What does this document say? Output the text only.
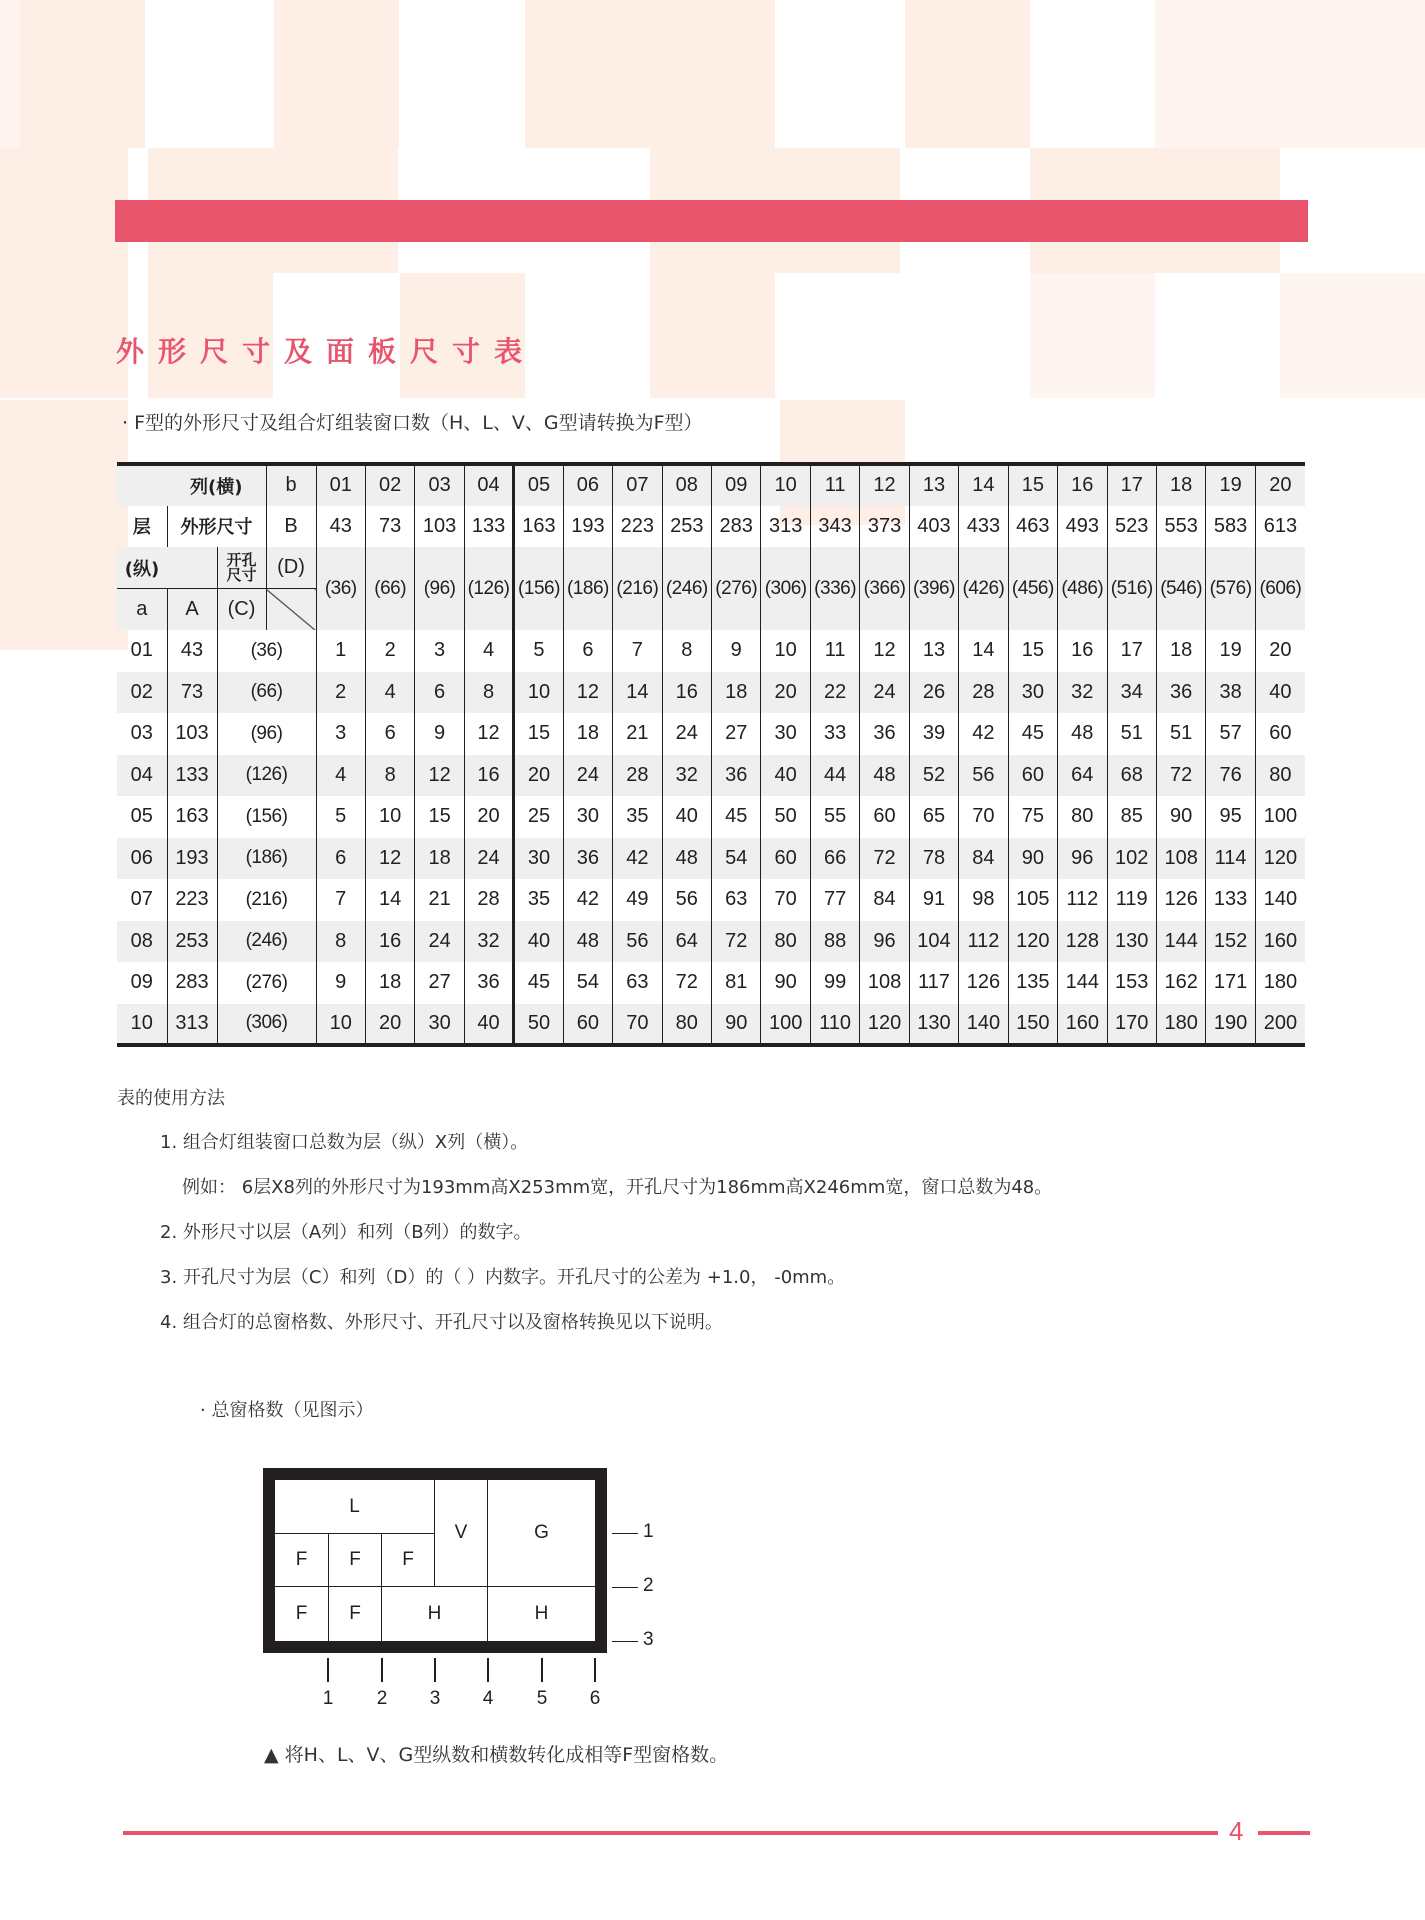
外形尺寸及面板尺寸表
· F型的外形尺寸及组合灯组装窗口数（H、L、V、G型请转换为F型）
	列(横)		b	01	02	03	04	05	06	07	08	09	10	11	12	13	14	15	16	17	18	19	20
层	外形尺寸		B	43	73	103	133	163	193	223	253	283	313	343	373	403	433	463	493	523	553	583	613
(纵)		开孔尺寸	(D)	(36)	(66)	(96)	(126)	(156)	(186)	(216)	(246)	(276)	(306)	(336)	(366)	(396)	(426)	(456)	(486)	(516)	(546)	(576)	(606)
a	A	(C)																					
01	43	(36)		1	2	3	4	5	6	7	8	9	10	11	12	13	14	15	16	17	18	19	20
02	73	(66)		2	4	6	8	10	12	14	16	18	20	22	24	26	28	30	32	34	36	38	40
03	103	(96)		3	6	9	12	15	18	21	24	27	30	33	36	39	42	45	48	51	51	57	60
04	133	(126)		4	8	12	16	20	24	28	32	36	40	44	48	52	56	60	64	68	72	76	80
05	163	(156)		5	10	15	20	25	30	35	40	45	50	55	60	65	70	75	80	85	90	95	100
06	193	(186)		6	12	18	24	30	36	42	48	54	60	66	72	78	84	90	96	102	108	114	120
07	223	(216)		7	14	21	28	35	42	49	56	63	70	77	84	91	98	105	112	119	126	133	140
08	253	(246)		8	16	24	32	40	48	56	64	72	80	88	96	104	112	120	128	130	144	152	160
09	283	(276)		9	18	27	36	45	54	63	72	81	90	99	108	117	126	135	144	153	162	171	180
10	313	(306)		10	20	30	40	50	60	70	80	90	100	110	120	130	140	150	160	170	180	190	200
表的使用方法
1. 组合灯组装窗口总数为层（纵）X列（横）。
例如： 6层X8列的外形尺寸为193mm高X253mm宽，开孔尺寸为186mm高X246mm宽，窗口总数为48。
2. 外形尺寸以层（A列）和列（B列）的数字。
3. 开孔尺寸为层（C）和列（D）的（ ）内数字。开孔尺寸的公差为 +1.0， -0mm。
4. 组合灯的总窗格数、外形尺寸、开孔尺寸以及窗格转换见以下说明。
· 总窗格数（见图示）
L
V	G
F	F	F
F	F	H	H
1 2 3 4 5 6
1
2
3
▲ 将H、L、V、G型纵数和横数转化成相等F型窗格数。
4
